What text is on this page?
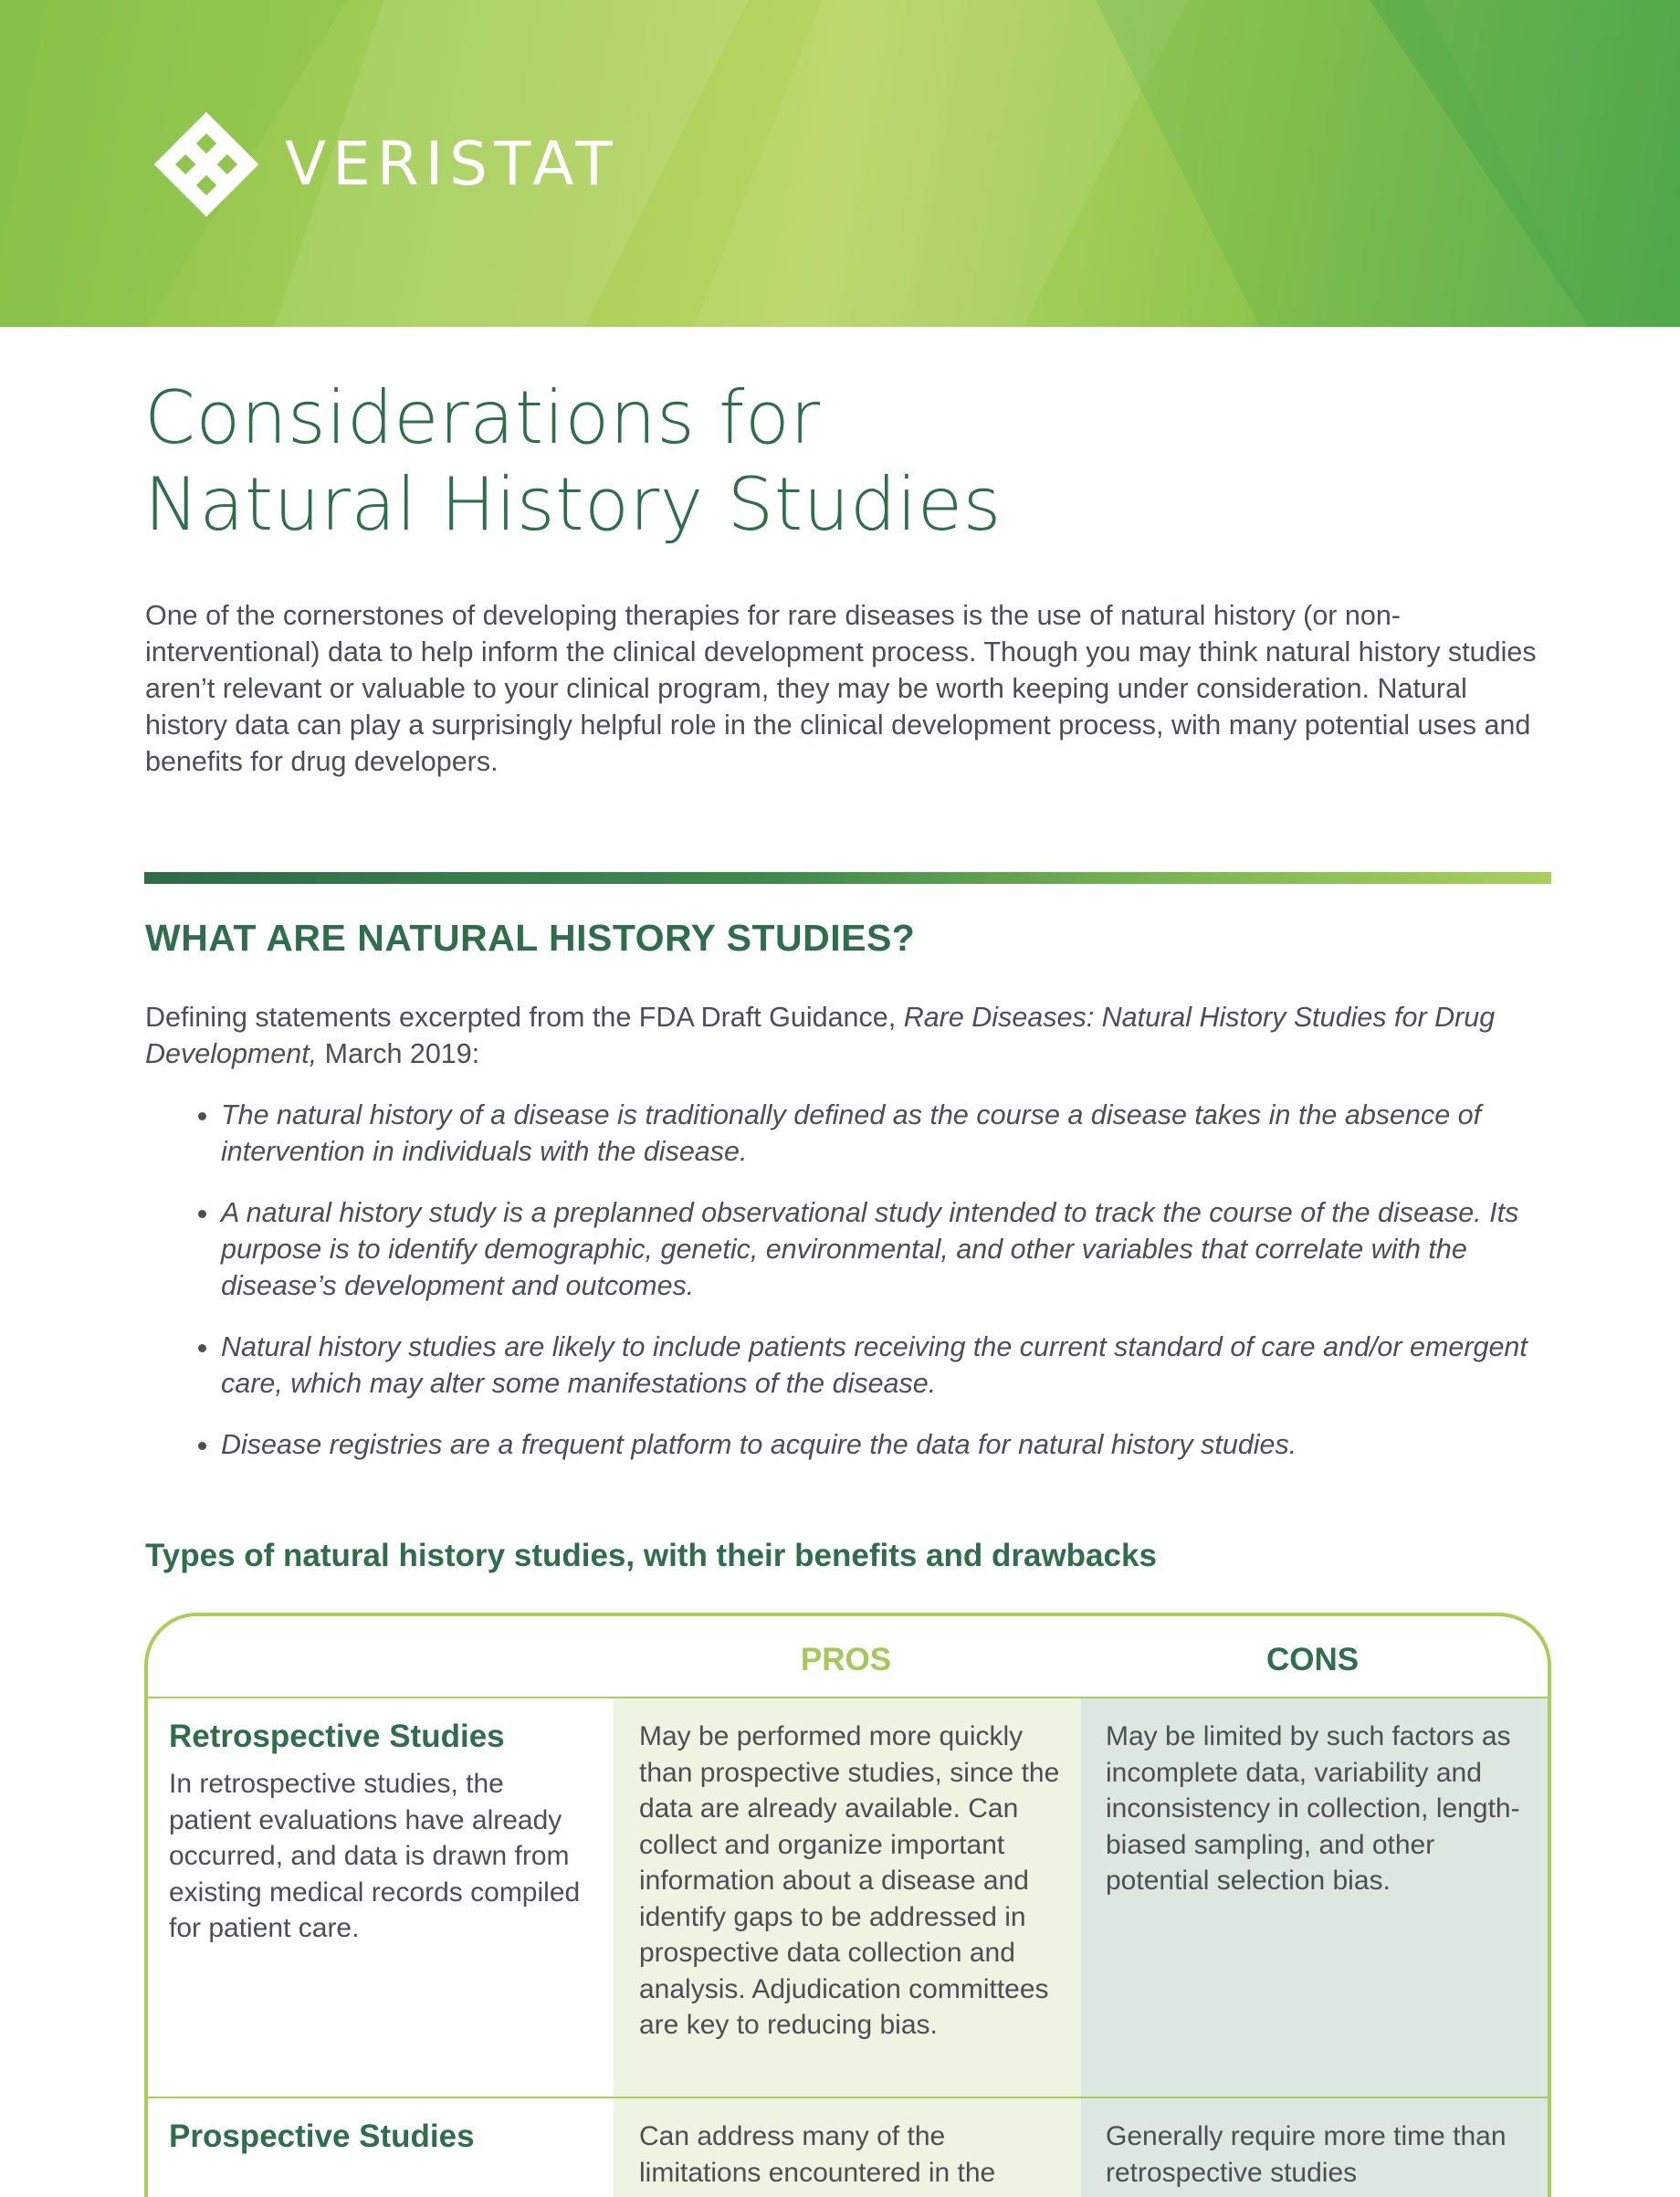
VERISTAT
Considerations for
Natural History Studies

One of the cornerstones of developing therapies for rare diseases is the use of natural history (or non-interventional) data to help inform the clinical development process. Though you may think natural history studies aren’t relevant or valuable to your clinical program, they may be worth keeping under consideration. Natural history data can play a surprisingly helpful role in the clinical development process, with many potential uses and benefits for drug developers.

WHAT ARE NATURAL HISTORY STUDIES?

Defining statements excerpted from the FDA Draft Guidance, Rare Diseases: Natural History Studies for Drug Development, March 2019:

The natural history of a disease is traditionally defined as the course a disease takes in the absence of intervention in individuals with the disease.
A natural history study is a preplanned observational study intended to track the course of the disease. Its purpose is to identify demographic, genetic, environmental, and other variables that correlate with the disease’s development and outcomes.
Natural history studies are likely to include patients receiving the current standard of care and/or emergent care, which may alter some manifestations of the disease.
Disease registries are a frequent platform to acquire the data for natural history studies.
Types of natural history studies, with their benefits and drawbacks
PROS	CONS

Retrospective Studies

In retrospective studies, the patient evaluations have already occurred, and data is drawn from existing medical records compiled for patient care.

May be performed more quickly than prospective studies, since the data are already available. Can collect and organize important information about a disease and identify gaps to be addressed in prospective data collection and analysis. Adjudication committees are key to reducing bias.

May be limited by such factors as incomplete data, variability and inconsistency in collection, length-biased sampling, and other potential selection bias.

Prospective Studies	Can address many of the limitations encountered in the

Generally require more time than retrospective studies
